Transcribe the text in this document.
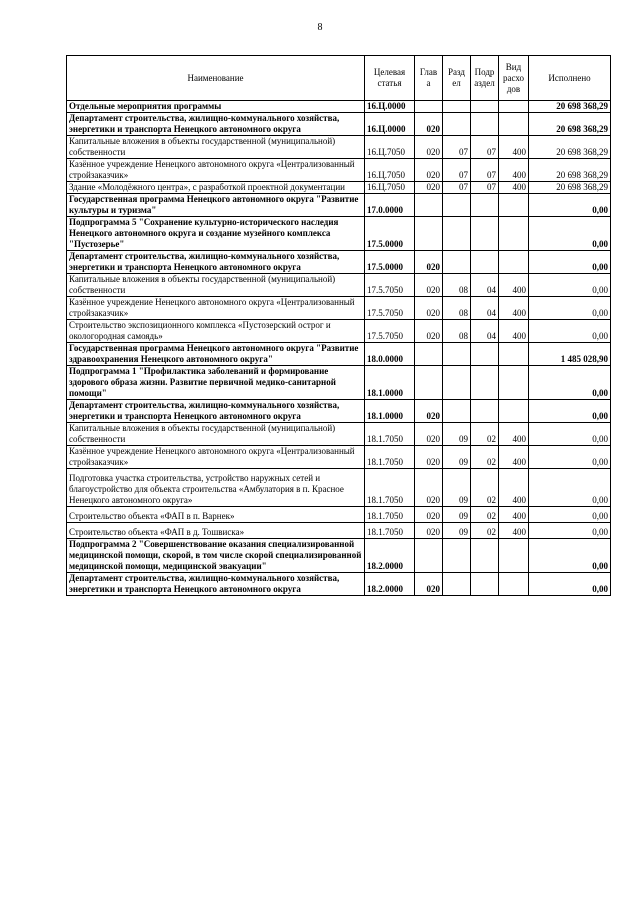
8
Наименование	Целевая статья	Глав а	Разд ел	Подр аздел	Вид расхо дов	Исполнено
Отдельные мероприятия программы	16.Ц.0000					20 698 368,29
Департамент строительства, жилищно-коммунального хозяйства, энергетики и транспорта Ненецкого автономного округа	16.Ц.0000	020				20 698 368,29
Капитальные вложения в объекты государственной (муниципальной) собственности	16.Ц.7050	020	07	07	400	20 698 368,29
Казённое учреждение Ненецкого автономного округа «Централизованный стройзаказчик»	16.Ц.7050	020	07	07	400	20 698 368,29
Здание «Молодёжного центра», с разработкой проектной документации	16.Ц.7050	020	07	07	400	20 698 368,29
Государственная программа Ненецкого автономного округа "Развитие культуры и туризма"	17.0.0000					0,00
Подпрограмма 5 "Сохранение культурно-исторического наследия Ненецкого автономного округа и создание музейного комплекса "Пустозерье"	17.5.0000					0,00
Департамент строительства, жилищно-коммунального хозяйства, энергетики и транспорта Ненецкого автономного округа	17.5.0000	020				0,00
Капитальные вложения в объекты государственной (муниципальной) собственности	17.5.7050	020	08	04	400	0,00
Казённое учреждение Ненецкого автономного округа «Централизованный стройзаказчик»	17.5.7050	020	08	04	400	0,00
Строительство экспозиционного комплекса «Пустозерский острог и окологородная самоядь»	17.5.7050	020	08	04	400	0,00
Государственная программа Ненецкого автономного округа "Развитие здравоохранения Ненецкого автономного округа"	18.0.0000					1 485 028,90
Подпрограмма 1 "Профилактика заболеваний и формирование здорового образа жизни. Развитие первичной медико-санитарной помощи"	18.1.0000					0,00
Департамент строительства, жилищно-коммунального хозяйства, энергетики и транспорта Ненецкого автономного округа	18.1.0000	020				0,00
Капитальные вложения в объекты государственной (муниципальной) собственности	18.1.7050	020	09	02	400	0,00
Казённое учреждение Ненецкого автономного округа «Централизованный стройзаказчик»	18.1.7050	020	09	02	400	0,00
Подготовка участка строительства, устройство наружных сетей и благоустройство для объекта строительства «Амбулатория в п. Красное Ненецкого автономного округа»	18.1.7050	020	09	02	400	0,00
Строительство объекта «ФАП в п. Варнек»	18.1.7050	020	09	02	400	0,00
Строительство объекта «ФАП в д. Тошвиска»	18.1.7050	020	09	02	400	0,00
Подпрограмма 2 "Совершенствование оказания специализированной медицинской помощи, скорой, в том числе скорой специализированной медицинской помощи, медицинской эвакуации"	18.2.0000					0,00
Департамент строительства, жилищно-коммунального хозяйства, энергетики и транспорта Ненецкого автономного округа	18.2.0000	020				0,00
